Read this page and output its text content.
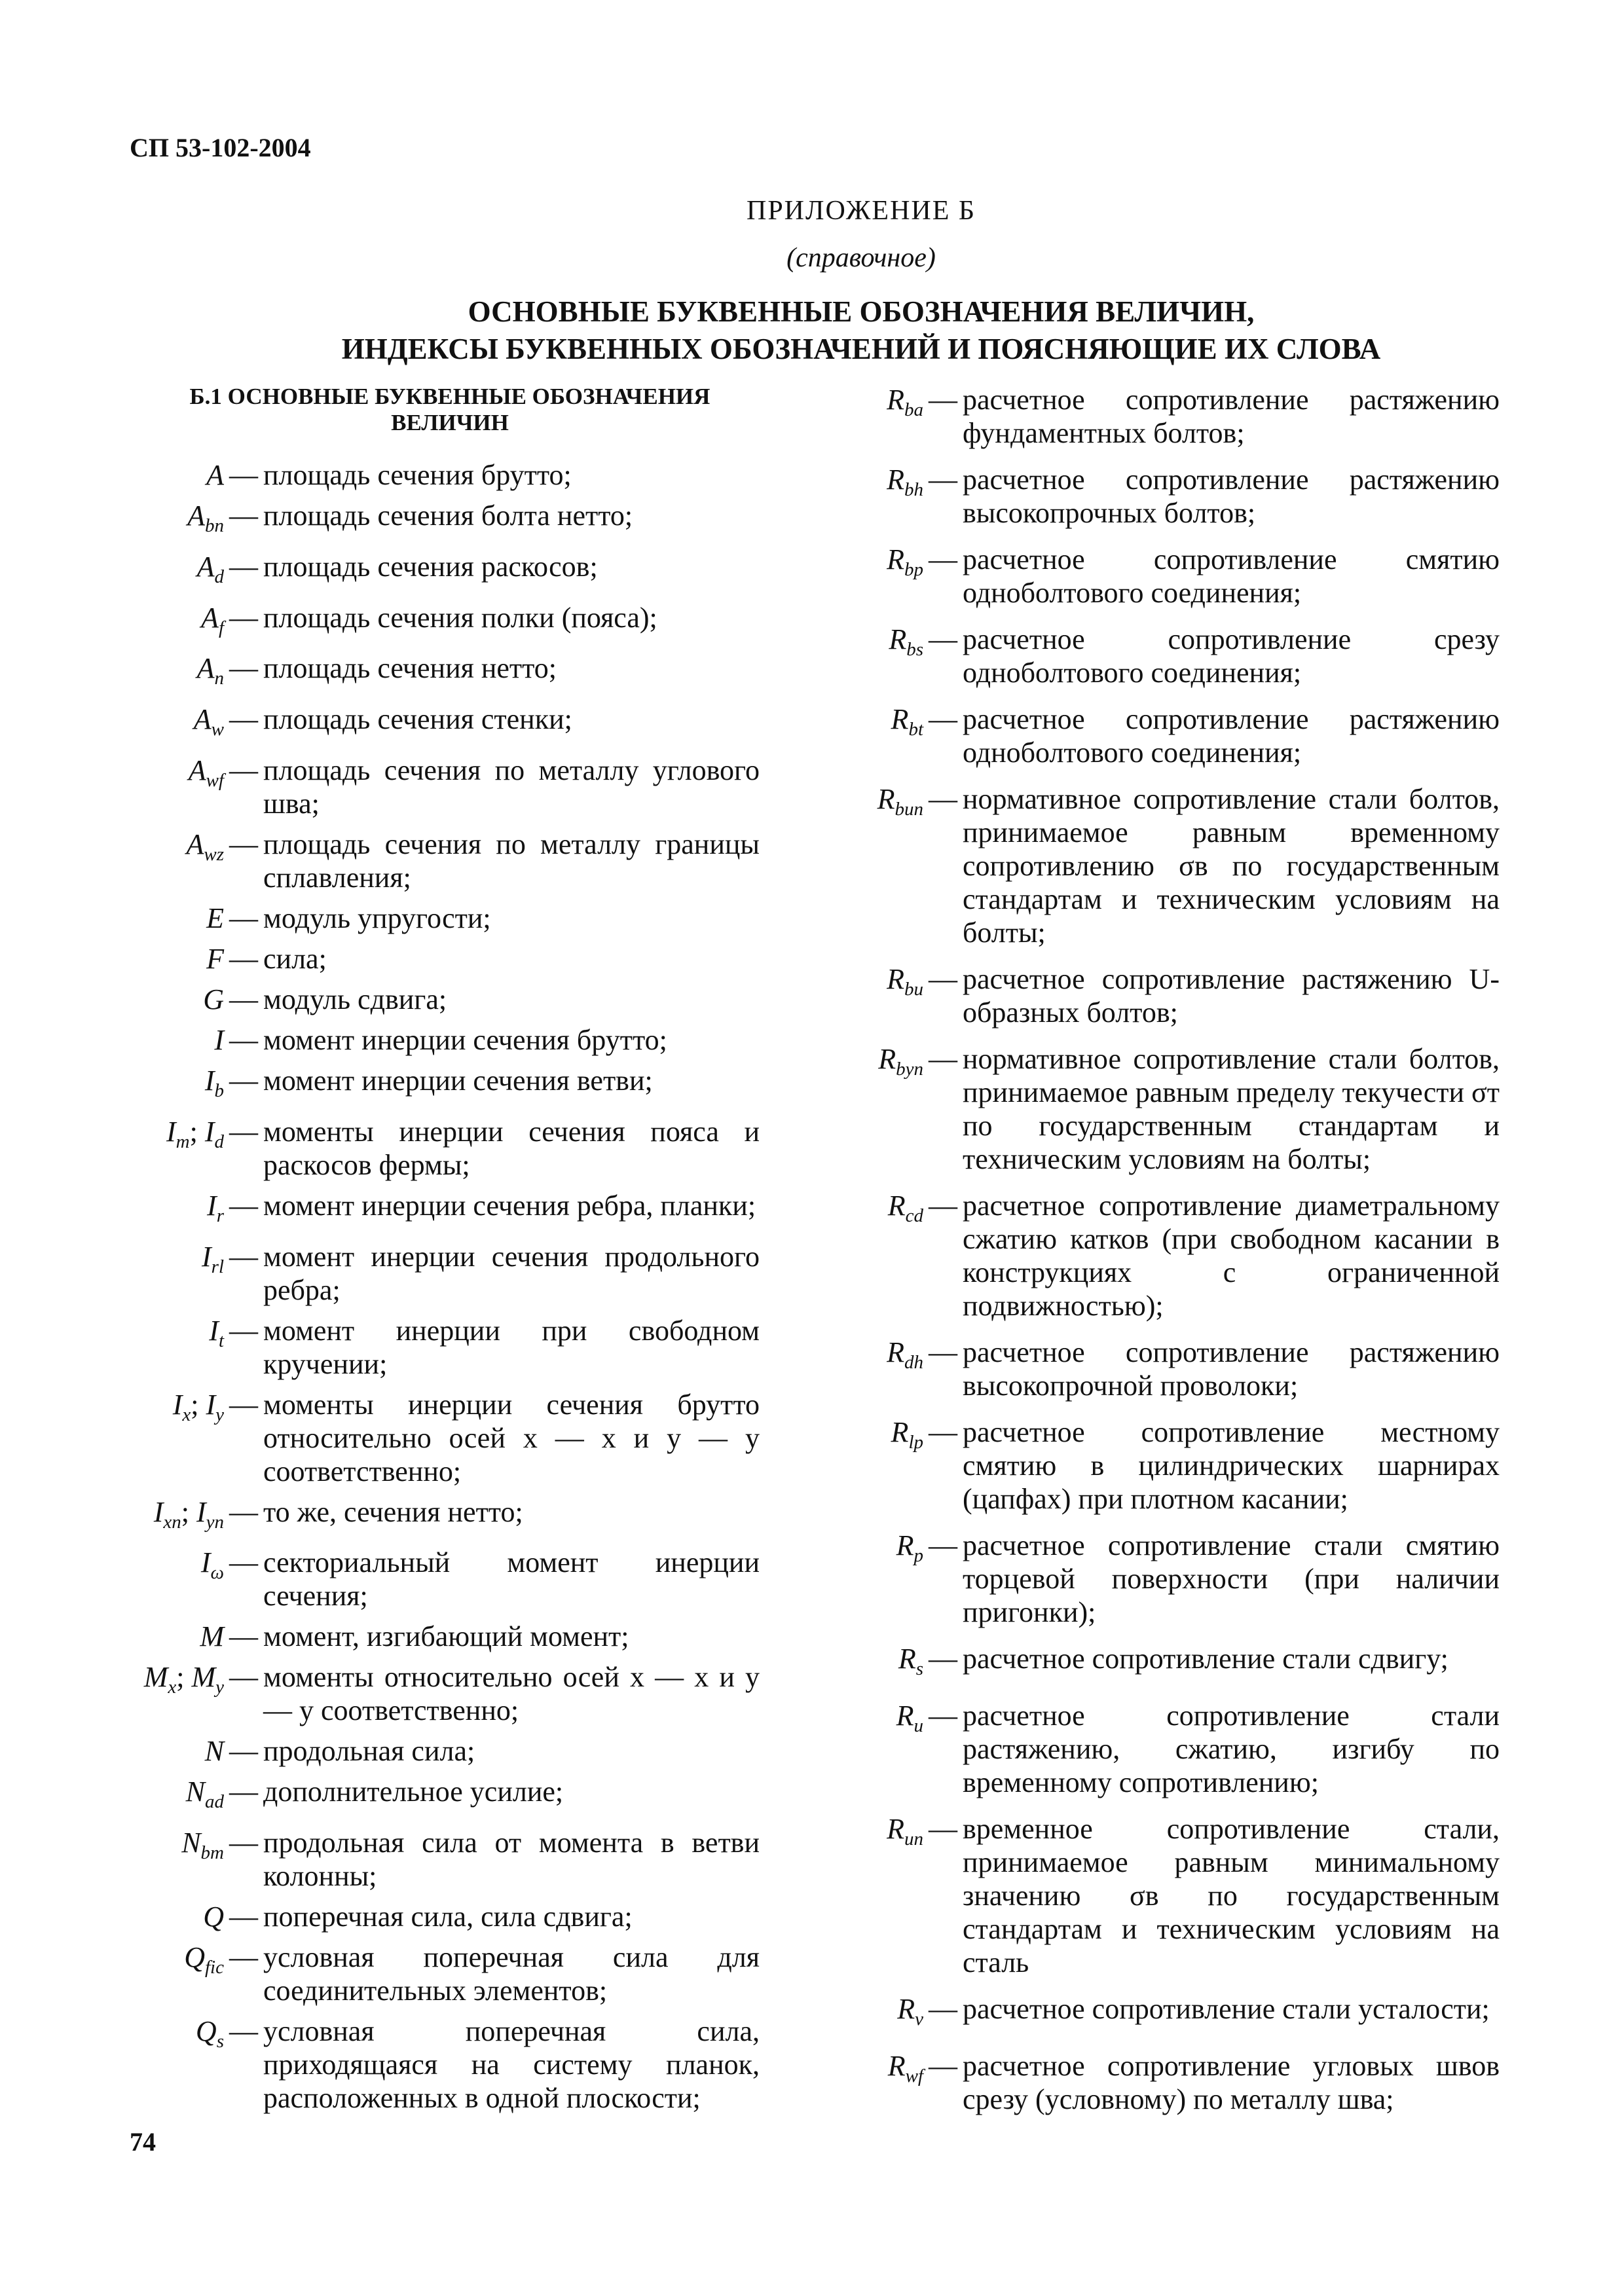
СП 53-102-2004
ПРИЛОЖЕНИЕ Б
(справочное)
ОСНОВНЫЕ БУКВЕННЫЕ ОБОЗНАЧЕНИЯ ВЕЛИЧИН,
ИНДЕКСЫ БУКВЕННЫХ ОБОЗНАЧЕНИЙ И ПОЯСНЯЮЩИЕ ИХ СЛОВА
Б.1 ОСНОВНЫЕ БУКВЕННЫЕ ОБОЗНАЧЕНИЯ
ВЕЛИЧИН
A — площадь сечения брутто;
$A_{bn}$ — площадь сечения болта нетто;
$A_d$ — площадь сечения раскосов;
$A_f$ — площадь сечения полки (пояса);
$A_n$ — площадь сечения нетто;
$A_w$ — площадь сечения стенки;
$A_{wf}$ — площадь сечения по металлу углового шва;
$A_{wz}$ — площадь сечения по металлу границы сплавления;
E — модуль упругости;
F — сила;
G — модуль сдвига;
I — момент инерции сечения брутто;
$I_b$ — момент инерции сечения ветви;
$I_m$; $I_d$ — моменты инерции сечения пояса и раскосов фермы;
$I_r$ — момент инерции сечения ребра, планки;
$I_{rl}$ — момент инерции сечения продольного ребра;
$I_t$ — момент инерции при свободном кручении;
$I_x$; $I_y$ — моменты инерции сечения брутто относительно осей x — x и y — y соответственно;
$I_{xn}$; $I_{yn}$ — то же, сечения нетто;
$I_\omega$ — секториальный момент инерции сечения;
M — момент, изгибающий момент;
$M_x$; $M_y$ — моменты относительно осей x — x и y — y соответственно;
N — продольная сила;
$N_{ad}$ — дополнительное усилие;
$N_{bm}$ — продольная сила от момента в ветви колонны;
Q — поперечная сила, сила сдвига;
$Q_{fic}$ — условная поперечная сила для соединительных элементов;
$Q_s$ — условная поперечная сила, приходящаяся на систему планок, расположенных в одной плоскости;
$R_{ba}$ — расчетное сопротивление растяжению фундаментных болтов;
$R_{bh}$ — расчетное сопротивление растяжению высокопрочных болтов;
$R_{bp}$ — расчетное сопротивление смятию одноболтового соединения;
$R_{bs}$ — расчетное сопротивление срезу одноболтового соединения;
$R_{bt}$ — расчетное сопротивление растяжению одноболтового соединения;
$R_{bun}$ — нормативное сопротивление стали болтов, принимаемое равным временному сопротивлению σв по государственным стандартам и техническим условиям на болты;
$R_{bu}$ — расчетное сопротивление растяжению U-образных болтов;
$R_{byn}$ — нормативное сопротивление стали болтов, принимаемое равным пределу текучести σт по государственным стандартам и техническим условиям на болты;
$R_{cd}$ — расчетное сопротивление диаметральному сжатию катков (при свободном касании в конструкциях с ограниченной подвижностью);
$R_{dh}$ — расчетное сопротивление растяжению высокопрочной проволоки;
$R_{lp}$ — расчетное сопротивление местному смятию в цилиндрических шарнирах (цапфах) при плотном касании;
$R_p$ — расчетное сопротивление стали смятию торцевой поверхности (при наличии пригонки);
$R_s$ — расчетное сопротивление стали сдвигу;
$R_u$ — расчетное сопротивление стали растяжению, сжатию, изгибу по временному сопротивлению;
$R_{un}$ — временное сопротивление стали, принимаемое равным минимальному значению σв по государственным стандартам и техническим условиям на сталь
$R_v$ — расчетное сопротивление стали усталости;
$R_{wf}$ — расчетное сопротивление угловых швов срезу (условному) по металлу шва;
74
